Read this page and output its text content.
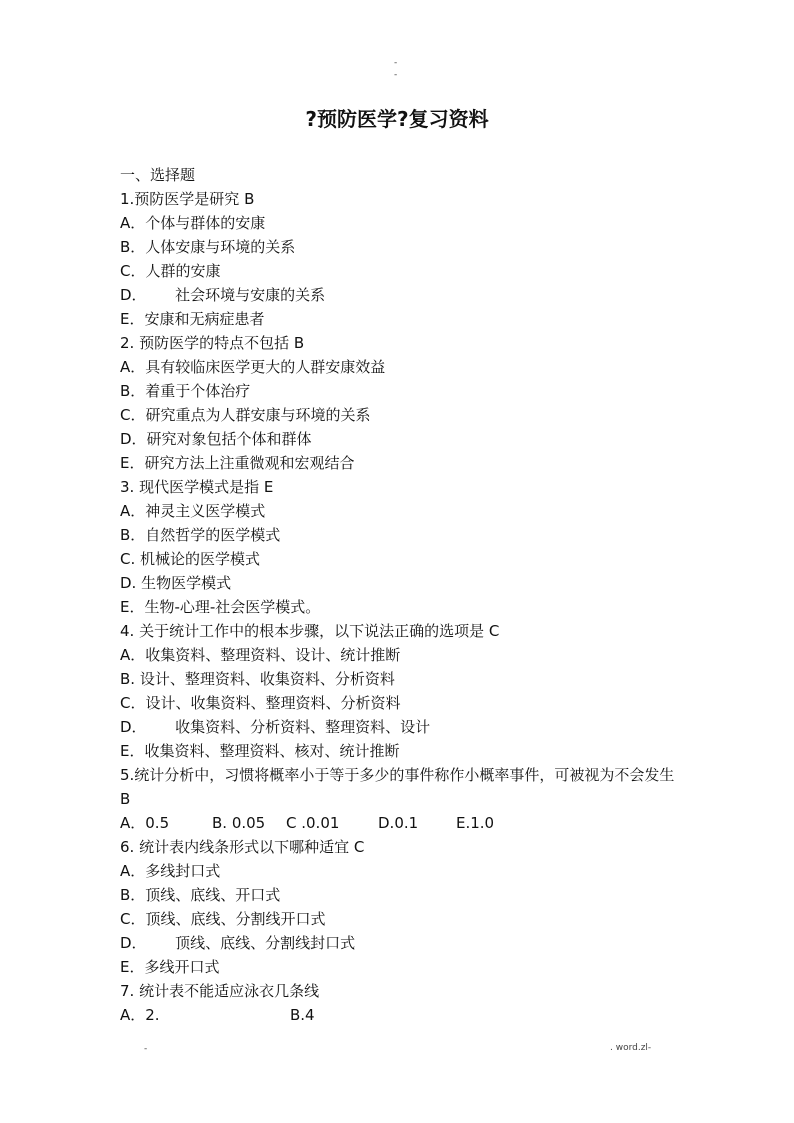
-
-
?预防医学?复习资料
一、选择题
1.预防医学是研究 B
A．个体与群体的安康
B．人体安康与环境的关系
C．人群的安康
D．      社会环境与安康的关系
E．安康和无病症患者
2. 预防医学的特点不包括 B
A．具有较临床医学更大的人群安康效益
B．着重于个体治疗
C．研究重点为人群安康与环境的关系
D．研究对象包括个体和群体
E．研究方法上注重微观和宏观结合
3. 现代医学模式是指 E
A．神灵主义医学模式
B．自然哲学的医学模式
C. 机械论的医学模式
D. 生物医学模式
E．生物-心理-社会医学模式。
4. 关于统计工作中的根本步骤，以下说法正确的选项是 C
A．收集资料、整理资料、设计、统计推断
B. 设计、整理资料、收集资料、分析资料
C．设计、收集资料、整理资料、分析资料
D．      收集资料、分析资料、整理资料、设计
E．收集资料、整理资料、核对、统计推断
5.统计分析中，习惯将概率小于等于多少的事件称作小概率事件，可被视为不会发生 B
A．0.5	B. 0.05 C .0.01	D.0.1	E.1.0
6. 统计表内线条形式以下哪种适宜 C
A．多线封口式
B．顶线、底线、开口式
C．顶线、底线、分割线开口式
D．      顶线、底线、分割线封口式
E．多线开口式
7. 统计表不能适应泳衣几条线
A．2.	B.4
-	. word.zl-
